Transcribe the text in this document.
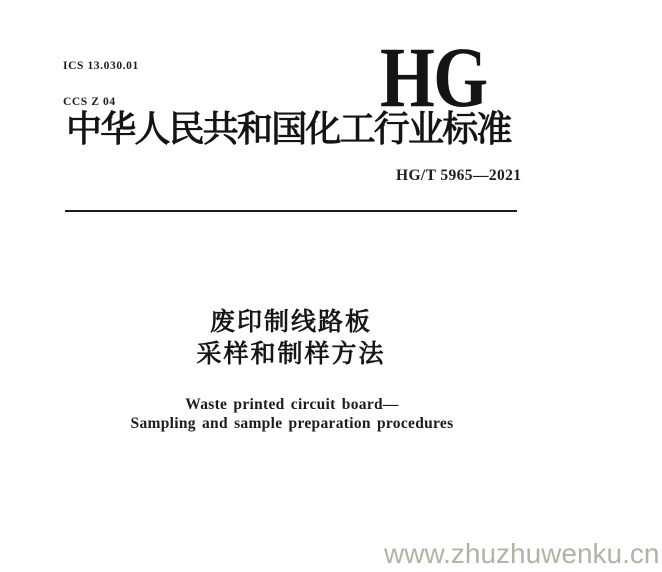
ICS 13.030.01

CCS Z 04

	HG
中华人民共和国化工行业标准
HG/T 5965—2021
废印制线路板
采样和制样方法
Waste printed circuit board—
Sampling and sample preparation procedures
www.zhuzhuwenku.cn
